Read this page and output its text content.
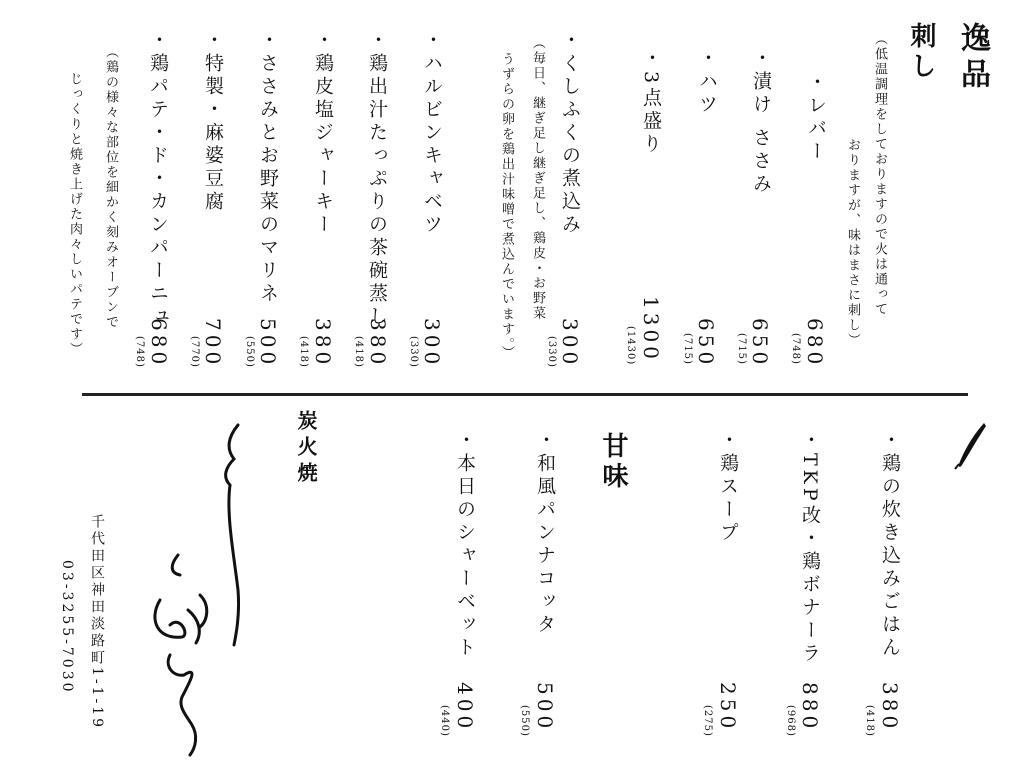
逸品
刺し
（低温調理をしておりますので火は通って
おりますが、味はまさに刺し）
・レバー
680
(748)
・漬け ささみ
650
(715)
・ハツ
650
(715)
・3点盛り
1300
(1430)
・くしふくの煮込み
（毎日、継ぎ足し継ぎ足し、鶏皮・お野菜
うずらの卵を鶏出汁味噌で煮込んでいます。） 300
(330)
・ハルビンキャベツ
300
(330)
・鶏出汁たっぷりの茶碗蒸し
380
(418)
・鶏皮塩ジャーキー
380
(418)
・ささみとお野菜のマリネ
500
(550)
・特製・麻婆豆腐
700
(770)
・鶏パテ・ド・カンパーニュ
680
(748)
（鶏の様々な部位を細かく刻みオーブンで
じっくりと焼き上げた肉々しいパテです）
・鶏の炊き込みごはん
380
(418)
・TKP改・鶏ボナーラ
880
(968)
・鶏スープ
250
(275)
甘味
・和風パンナコッタ
500
(550)
・本日のシャーベット
400
(440)
炭火焼
千代田区神田淡路町1-1-19
03-3255-7030
